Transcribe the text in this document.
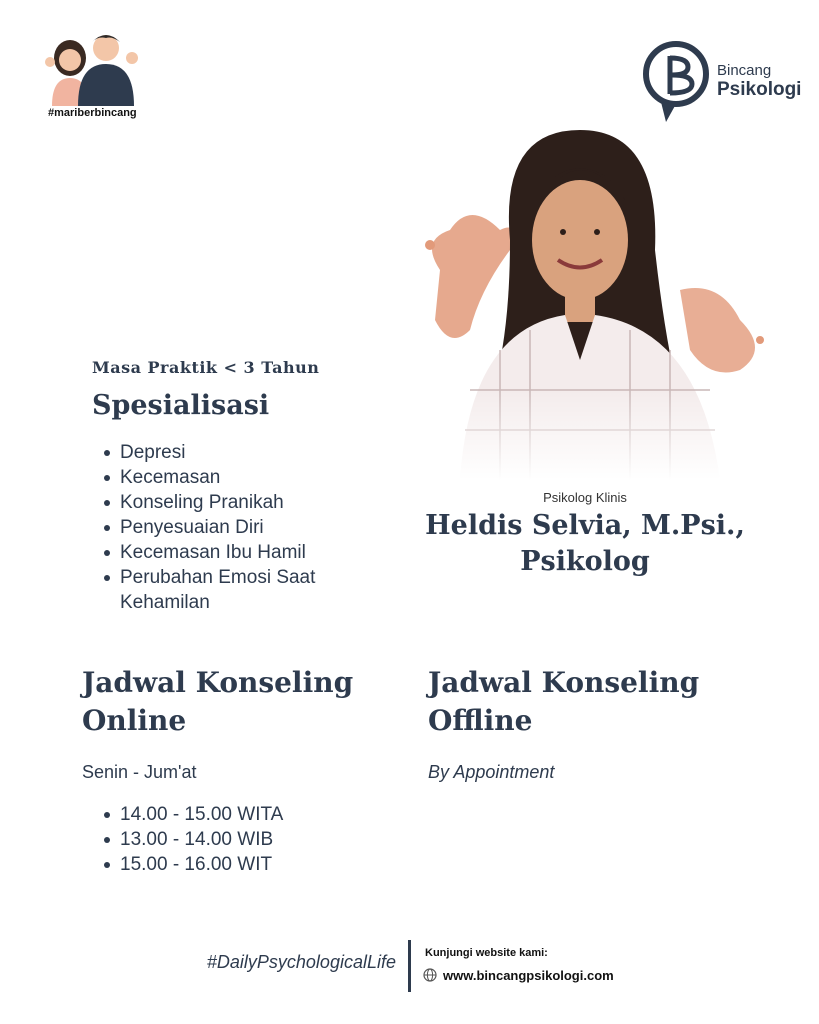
#mariberbincang
Bincang
Psikologi
Psikolog Klinis
Heldis Selvia, M.Psi.,
Psikolog
Masa Praktik < 3 Tahun
Spesialisasi
Depresi
Kecemasan
Konseling Pranikah
Penyesuaian Diri
Kecemasan Ibu Hamil
Perubahan Emosi Saat Kehamilan
Jadwal Konseling
Online
Senin - Jum'at
14.00 - 15.00 WITA
13.00 - 14.00 WIB
15.00 - 16.00 WIT
Jadwal Konseling
Offline
By Appointment
#DailyPsychologicalLife	Kunjungi website kami:
www.bincangpsikologi.com
